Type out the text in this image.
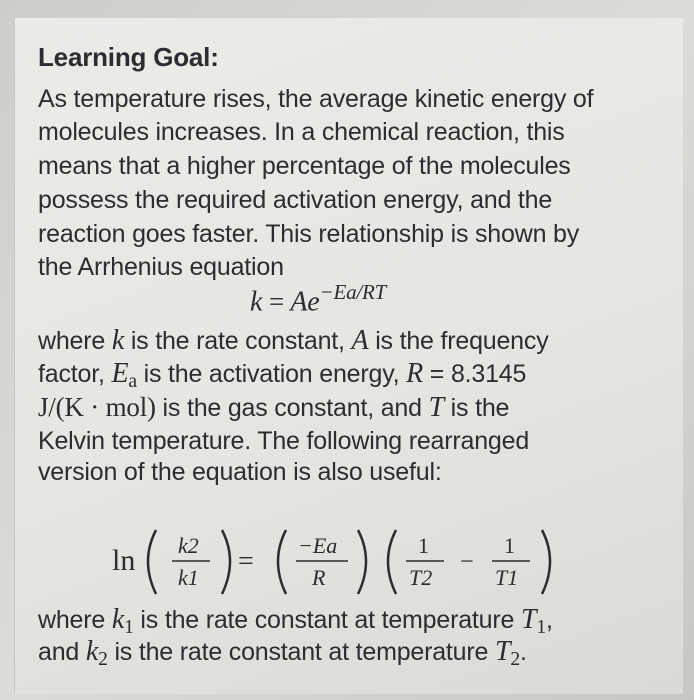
Learning Goal:
As temperature rises, the average kinetic energy of
molecules increases. In a chemical reaction, this
means that a higher percentage of the molecules
possess the required activation energy, and the
reaction goes faster. This relationship is shown by
the Arrhenius equation
$k = Ae^{-Ea/RT}$
where k is the rate constant, A is the frequency
factor, $E_a$ is the activation energy, R = 8.3145
J/(K · mol) is the gas constant, and T is the
Kelvin temperature. The following rearranged
version of the equation is also useful:
ln k2
k1
=
−Ea
R
1
T2
−
1
T1
where $k_1$ is the rate constant at temperature $T_1$,
and $k_2$ is the rate constant at temperature $T_2$.
